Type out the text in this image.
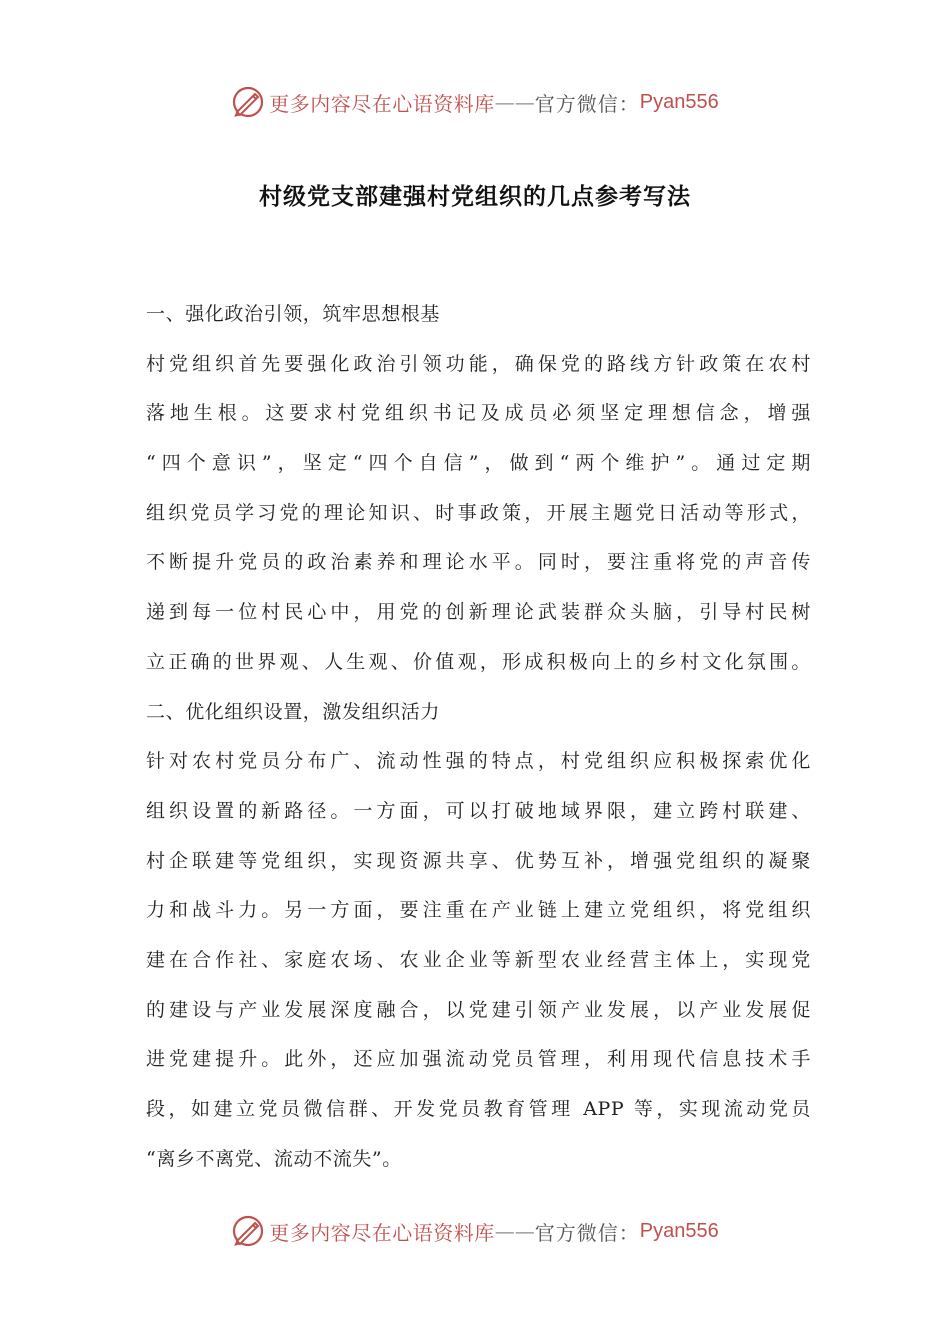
更多内容尽在心语资料库 —— 官方微信： Pyan556
村级党支部建强村党组织的几点参考写法
一、强化政治引领，筑牢思想根基
村党组织首先要强化政治引领功能，确保党的路线方针政策在农村
落地生根。这要求村党组织书记及成员必须坚定理想信念，增强
“四个意识”，坚定“四个自信”，做到“两个维护”。通过定期
组织党员学习党的理论知识、时事政策，开展主题党日活动等形式，
不断提升党员的政治素养和理论水平。同时，要注重将党的声音传
递到每一位村民心中，用党的创新理论武装群众头脑，引导村民树
立正确的世界观、人生观、价值观，形成积极向上的乡村文化氛围。
二、优化组织设置，激发组织活力
针对农村党员分布广、流动性强的特点，村党组织应积极探索优化
组织设置的新路径。一方面，可以打破地域界限，建立跨村联建、
村企联建等党组织，实现资源共享、优势互补，增强党组织的凝聚
力和战斗力。另一方面，要注重在产业链上建立党组织，将党组织
建在合作社、家庭农场、农业企业等新型农业经营主体上，实现党
的建设与产业发展深度融合，以党建引领产业发展，以产业发展促
进党建提升。此外，还应加强流动党员管理，利用现代信息技术手
段，如建立党员微信群、开发党员教育管理 APP 等，实现流动党员
“离乡不离党、流动不流失”。
更多内容尽在心语资料库 —— 官方微信： Pyan556
